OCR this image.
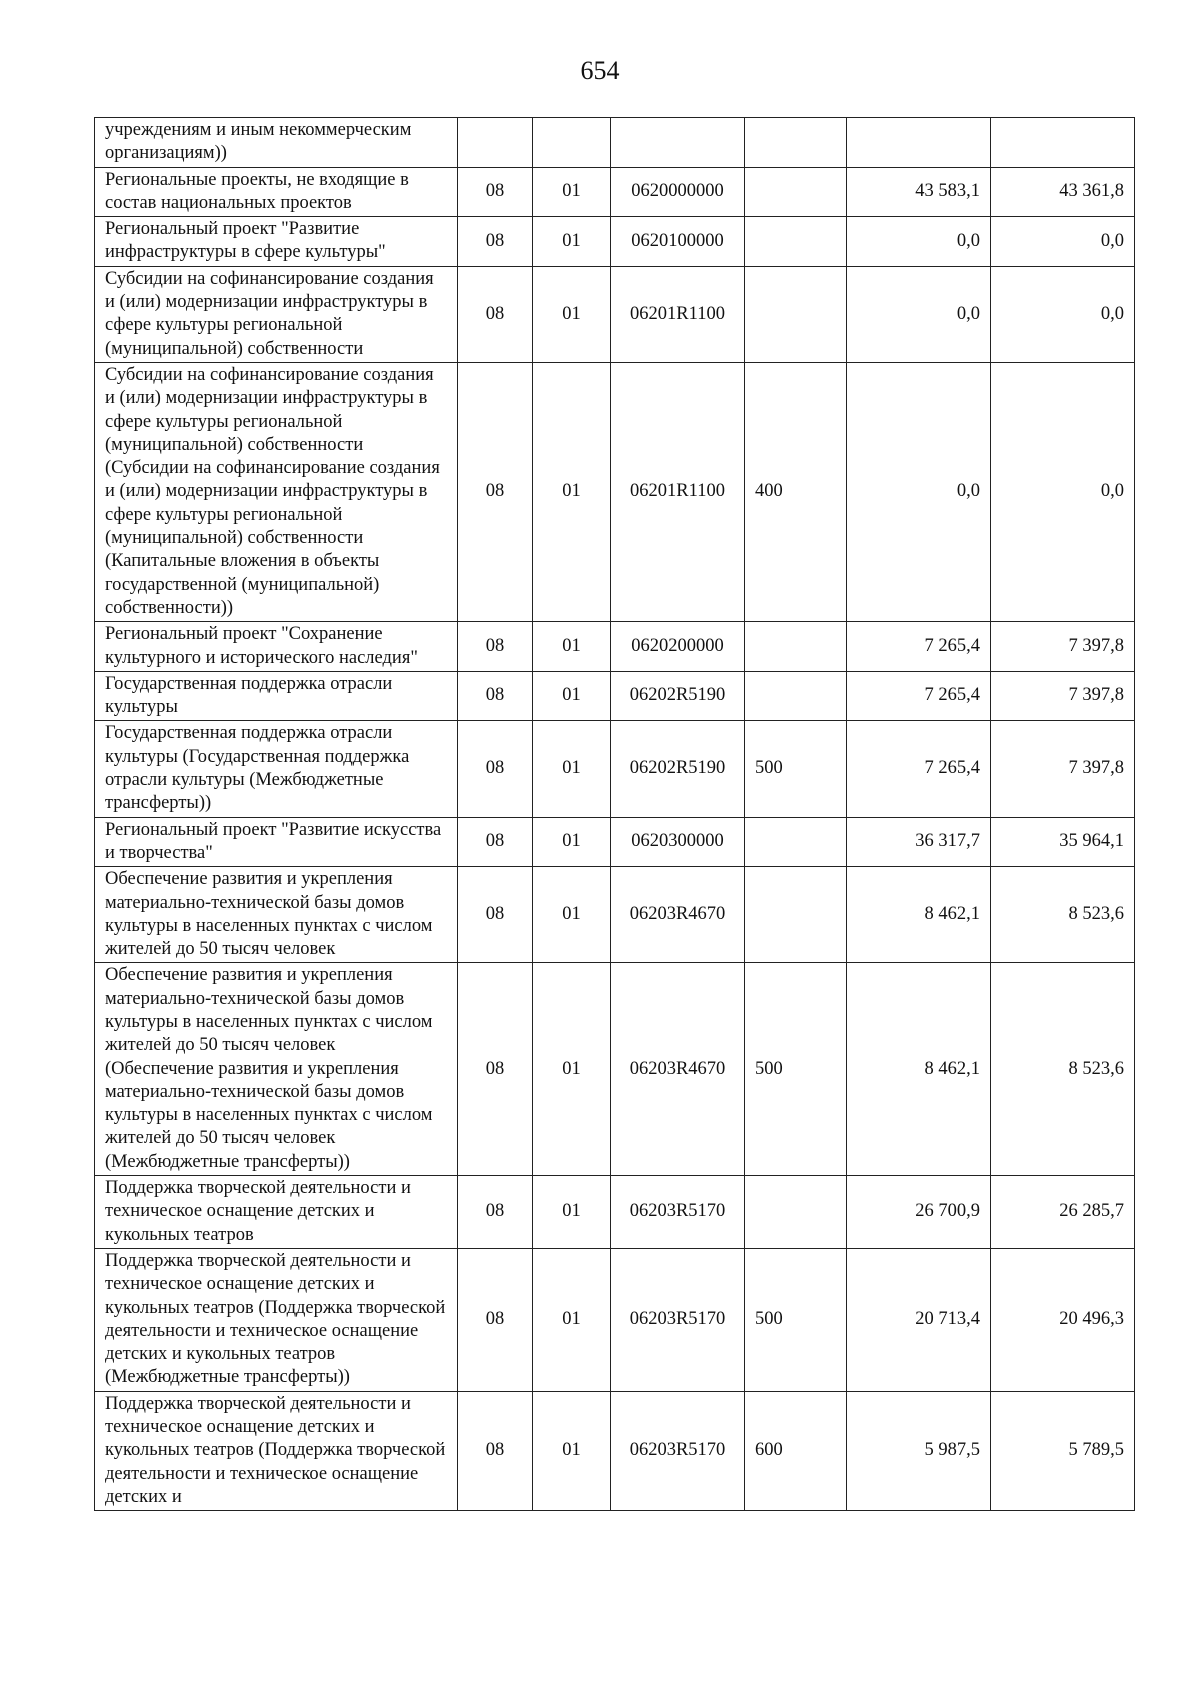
654
учреждениям и иным некоммерческим организациям))						
Региональные проекты, не входящие в состав национальных проектов	08	01	0620000000		43 583,1	43 361,8
Региональный проект "Развитие инфраструктуры в сфере культуры"	08	01	0620100000		0,0	0,0
Субсидии на софинансирование создания и (или) модернизации инфраструктуры в сфере культуры региональной (муниципальной) собственности	08	01	06201R1100		0,0	0,0
Субсидии на софинансирование создания и (или) модернизации инфраструктуры в сфере культуры региональной (муниципальной) собственности (Субсидии на софинансирование создания и (или) модернизации инфраструктуры в сфере культуры региональной (муниципальной) собственности (Капитальные вложения в объекты государственной (муниципальной) собственности))	08	01	06201R1100	400	0,0	0,0
Региональный проект "Сохранение культурного и исторического наследия"	08	01	0620200000		7 265,4	7 397,8
Государственная поддержка отрасли культуры	08	01	06202R5190		7 265,4	7 397,8
Государственная поддержка отрасли культуры (Государственная поддержка отрасли культуры (Межбюджетные трансферты))	08	01	06202R5190	500	7 265,4	7 397,8
Региональный проект "Развитие искусства и творчества"	08	01	0620300000		36 317,7	35 964,1
Обеспечение развития и укрепления материально-технической базы домов культуры в населенных пунктах с числом жителей до 50 тысяч человек	08	01	06203R4670		8 462,1	8 523,6
Обеспечение развития и укрепления материально-технической базы домов культуры в населенных пунктах с числом жителей до 50 тысяч человек (Обеспечение развития и укрепления материально-технической базы домов культуры в населенных пунктах с числом жителей до 50 тысяч человек (Межбюджетные трансферты))	08	01	06203R4670	500	8 462,1	8 523,6
Поддержка творческой деятельности и техническое оснащение детских и кукольных театров	08	01	06203R5170		26 700,9	26 285,7
Поддержка творческой деятельности и техническое оснащение детских и кукольных театров (Поддержка творческой деятельности и техническое оснащение детских и кукольных театров (Межбюджетные трансферты))	08	01	06203R5170	500	20 713,4	20 496,3
Поддержка творческой деятельности и техническое оснащение детских и кукольных театров (Поддержка творческой деятельности и техническое оснащение детских и	08	01	06203R5170	600	5 987,5	5 789,5
